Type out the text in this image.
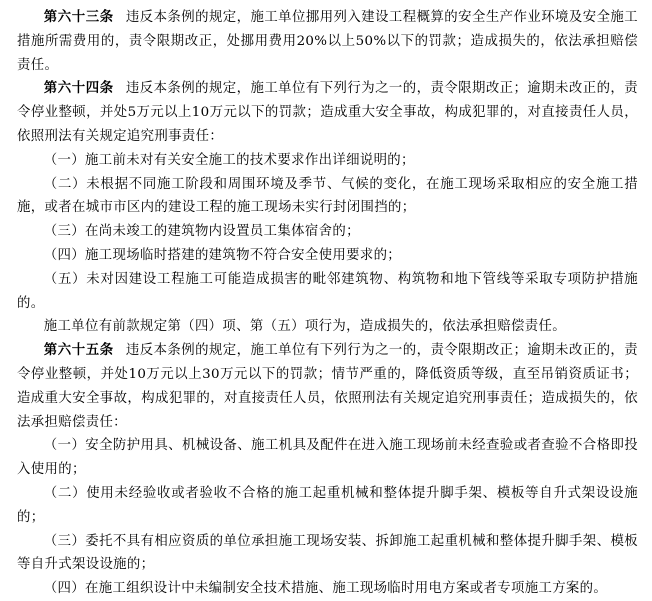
第六十三条 违反本条例的规定，施工单位挪用列入建设工程概算的安全生产作业环境及安全施工措施所需费用的，责令限期改正，处挪用费用20%以上50%以下的罚款；造成损失的，依法承担赔偿责任。

第六十四条 违反本条例的规定，施工单位有下列行为之一的，责令限期改正；逾期未改正的，责令停业整顿，并处5万元以上10万元以下的罚款；造成重大安全事故，构成犯罪的，对直接责任人员，依照刑法有关规定追究刑事责任：

（一）施工前未对有关安全施工的技术要求作出详细说明的；

（二）未根据不同施工阶段和周围环境及季节、气候的变化，在施工现场采取相应的安全施工措施，或者在城市市区内的建设工程的施工现场未实行封闭围挡的；

（三）在尚未竣工的建筑物内设置员工集体宿舍的；

（四）施工现场临时搭建的建筑物不符合安全使用要求的；

（五）未对因建设工程施工可能造成损害的毗邻建筑物、构筑物和地下管线等采取专项防护措施的。

施工单位有前款规定第（四）项、第（五）项行为，造成损失的，依法承担赔偿责任。

第六十五条 违反本条例的规定，施工单位有下列行为之一的，责令限期改正；逾期未改正的，责令停业整顿，并处10万元以上30万元以下的罚款；情节严重的，降低资质等级，直至吊销资质证书；造成重大安全事故，构成犯罪的，对直接责任人员，依照刑法有关规定追究刑事责任；造成损失的，依法承担赔偿责任：

（一）安全防护用具、机械设备、施工机具及配件在进入施工现场前未经查验或者查验不合格即投入使用的；

（二）使用未经验收或者验收不合格的施工起重机械和整体提升脚手架、模板等自升式架设设施的；

（三）委托不具有相应资质的单位承担施工现场安装、拆卸施工起重机械和整体提升脚手架、模板等自升式架设设施的；

（四）在施工组织设计中未编制安全技术措施、施工现场临时用电方案或者专项施工方案的。
